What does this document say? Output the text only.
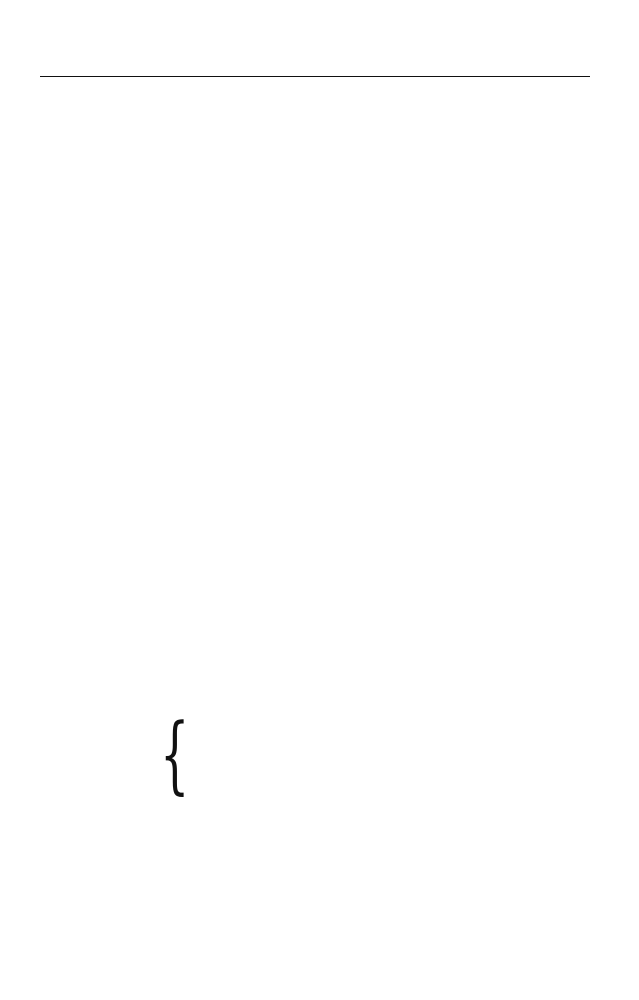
{
